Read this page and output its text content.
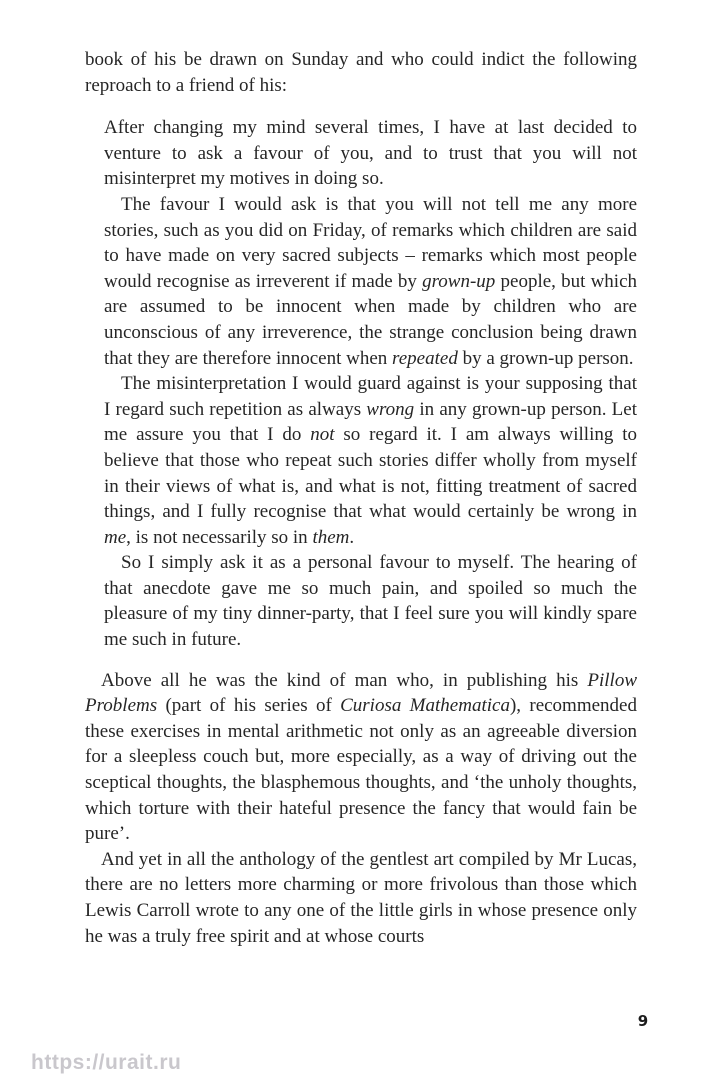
book of his be drawn on Sunday and who could indict the following reproach to a friend of his:

After changing my mind several times, I have at last decided to venture to ask a favour of you, and to trust that you will not misinterpret my motives in doing so.

The favour I would ask is that you will not tell me any more stories, such as you did on Friday, of remarks which children are said to have made on very sacred subjects – remarks which most people would recognise as irreverent if made by grown-up people, but which are assumed to be innocent when made by children who are unconscious of any irreverence, the strange conclusion being drawn that they are therefore innocent when repeated by a grown-up person.

The misinterpretation I would guard against is your supposing that I regard such repetition as always wrong in any grown-up person. Let me assure you that I do not so regard it. I am always willing to believe that those who repeat such stories differ wholly from myself in their views of what is, and what is not, fitting treatment of sacred things, and I fully recognise that what would certainly be wrong in me, is not necessarily so in them.

So I simply ask it as a personal favour to myself. The hearing of that anecdote gave me so much pain, and spoiled so much the pleasure of my tiny dinner-party, that I feel sure you will kindly spare me such in future.

Above all he was the kind of man who, in publishing his Pillow Problems (part of his series of Curiosa Mathematica), recommended these exercises in mental arithmetic not only as an agreeable diversion for a sleepless couch but, more especially, as a way of driving out the sceptical thoughts, the blasphemous thoughts, and ‘the unholy thoughts, which torture with their hateful presence the fancy that would fain be pure’.

And yet in all the anthology of the gentlest art compiled by Mr Lucas, there are no letters more charming or more frivolous than those which Lewis Carroll wrote to any one of the little girls in whose presence only he was a truly free spirit and at whose courts

9
https://urait.ru
